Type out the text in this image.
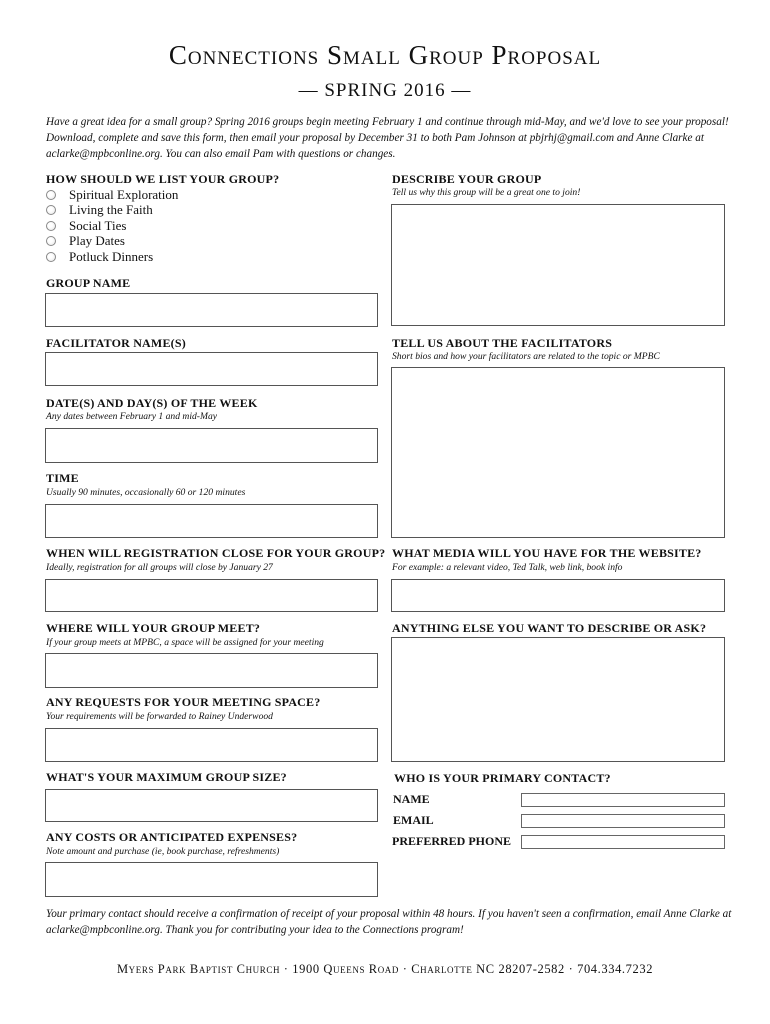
Connections Small Group Proposal
— SPRING 2016 —
Have a great idea for a small group? Spring 2016 groups begin meeting February 1 and continue through mid-May, and we'd love to see your proposal! Download, complete and save this form, then email your proposal by December 31 to both Pam Johnson at pbjrhj@gmail.com and Anne Clarke at aclarke@mpbconline.org. You can also email Pam with questions or changes.
HOW SHOULD WE LIST YOUR GROUP?
Spiritual Exploration
Living the Faith
Social Ties
Play Dates
Potluck Dinners
GROUP NAME
FACILITATOR NAME(S)
DATE(S) AND DAY(S) OF THE WEEK
Any dates between February 1 and mid-May
TIME
Usually 90 minutes, occasionally 60 or 120 minutes
WHEN WILL REGISTRATION CLOSE FOR YOUR GROUP?
Ideally, registration for all groups will close by January 27
WHERE WILL YOUR GROUP MEET?
If your group meets at MPBC, a space will be assigned for your meeting
ANY REQUESTS FOR YOUR MEETING SPACE?
Your requirements will be forwarded to Rainey Underwood
WHAT'S YOUR MAXIMUM GROUP SIZE?
ANY COSTS OR ANTICIPATED EXPENSES?
Note amount and purchase (ie, book purchase, refreshments)
DESCRIBE YOUR GROUP
Tell us why this group will be a great one to join!
TELL US ABOUT THE FACILITATORS
Short bios and how your facilitators are related to the topic or MPBC
WHAT MEDIA WILL YOU HAVE FOR THE WEBSITE?
For example: a relevant video, Ted Talk, web link, book info
ANYTHING ELSE YOU WANT TO DESCRIBE OR ASK?
WHO IS YOUR PRIMARY CONTACT?
NAME
EMAIL
PREFERRED PHONE
Your primary contact should receive a confirmation of receipt of your proposal within 48 hours. If you haven't seen a confirmation, email Anne Clarke at aclarke@mpbconline.org. Thank you for contributing your idea to the Connections program!
Myers Park Baptist Church · 1900 Queens Road · Charlotte NC 28207-2582 · 704.334.7232
